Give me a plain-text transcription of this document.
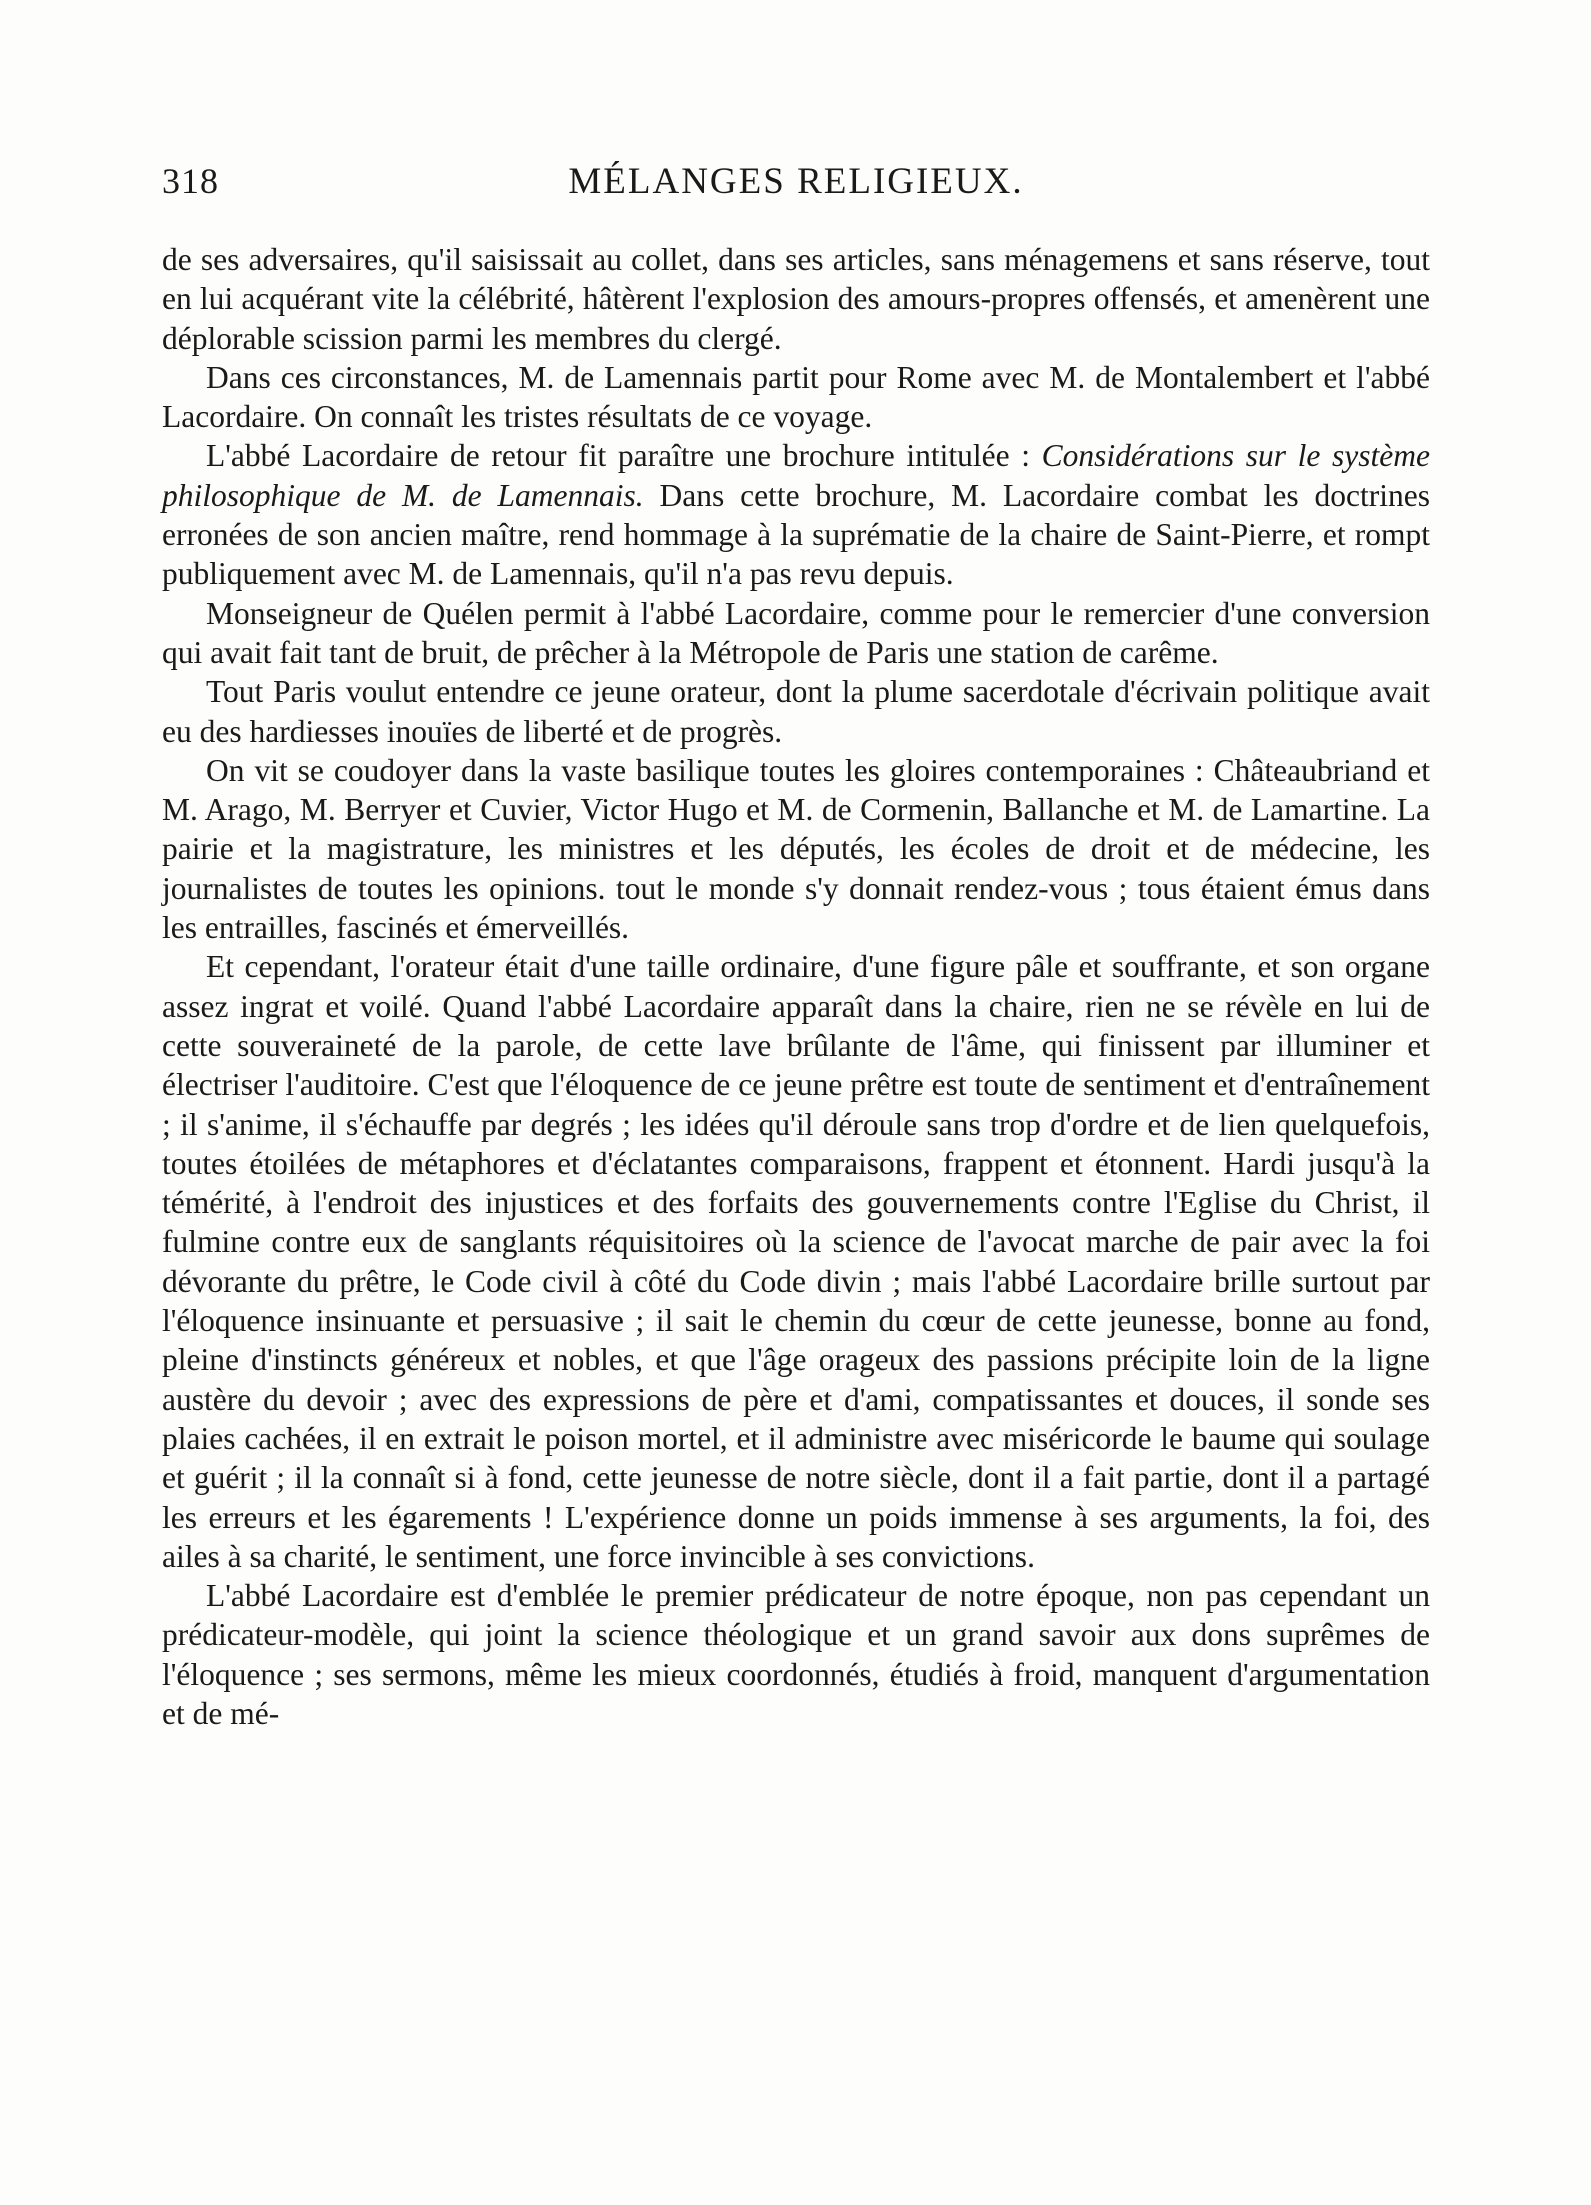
318	MÉLANGES RELIGIEUX.

de ses adversaires, qu'il saisissait au collet, dans ses articles, sans ménagemens et sans réserve, tout en lui acquérant vite la célébrité, hâtèrent l'explosion des amours-propres offensés, et amenèrent une déplorable scission parmi les membres du clergé.

Dans ces circonstances, M. de Lamennais partit pour Rome avec M. de Montalembert et l'abbé Lacordaire. On connaît les tristes résultats de ce voyage.

L'abbé Lacordaire de retour fit paraître une brochure intitulée : Considérations sur le système philosophique de M. de Lamennais. Dans cette brochure, M. Lacordaire combat les doctrines erronées de son ancien maître, rend hommage à la suprématie de la chaire de Saint-Pierre, et rompt publiquement avec M. de Lamennais, qu'il n'a pas revu depuis.

Monseigneur de Quélen permit à l'abbé Lacordaire, comme pour le remercier d'une conversion qui avait fait tant de bruit, de prêcher à la Métropole de Paris une station de carême.

Tout Paris voulut entendre ce jeune orateur, dont la plume sacerdotale d'écrivain politique avait eu des hardiesses inouïes de liberté et de progrès.

On vit se coudoyer dans la vaste basilique toutes les gloires contemporaines : Châteaubriand et M. Arago, M. Berryer et Cuvier, Victor Hugo et M. de Cormenin, Ballanche et M. de Lamartine. La pairie et la magistrature, les ministres et les députés, les écoles de droit et de médecine, les journalistes de toutes les opinions. tout le monde s'y donnait rendez-vous ; tous étaient émus dans les entrailles, fascinés et émerveillés.

Et cependant, l'orateur était d'une taille ordinaire, d'une figure pâle et souffrante, et son organe assez ingrat et voilé. Quand l'abbé Lacordaire apparaît dans la chaire, rien ne se révèle en lui de cette souveraineté de la parole, de cette lave brûlante de l'âme, qui finissent par illuminer et électriser l'auditoire. C'est que l'éloquence de ce jeune prêtre est toute de sentiment et d'entraînement ; il s'anime, il s'échauffe par degrés ; les idées qu'il déroule sans trop d'ordre et de lien quelquefois, toutes étoilées de métaphores et d'éclatantes comparaisons, frappent et étonnent. Hardi jusqu'à la témérité, à l'endroit des injustices et des forfaits des gouvernements contre l'Eglise du Christ, il fulmine contre eux de sanglants réquisitoires où la science de l'avocat marche de pair avec la foi dévorante du prêtre, le Code civil à côté du Code divin ; mais l'abbé Lacordaire brille surtout par l'éloquence insinuante et persuasive ; il sait le chemin du cœur de cette jeunesse, bonne au fond, pleine d'instincts généreux et nobles, et que l'âge orageux des passions précipite loin de la ligne austère du devoir ; avec des expressions de père et d'ami, compatissantes et douces, il sonde ses plaies cachées, il en extrait le poison mortel, et il administre avec miséricorde le baume qui soulage et guérit ; il la connaît si à fond, cette jeunesse de notre siècle, dont il a fait partie, dont il a partagé les erreurs et les égarements ! L'expérience donne un poids immense à ses arguments, la foi, des ailes à sa charité, le sentiment, une force invincible à ses convictions.

L'abbé Lacordaire est d'emblée le premier prédicateur de notre époque, non pas cependant un prédicateur-modèle, qui joint la science théologique et un grand savoir aux dons suprêmes de l'éloquence ; ses sermons, même les mieux coordonnés, étudiés à froid, manquent d'argumentation et de mé-
